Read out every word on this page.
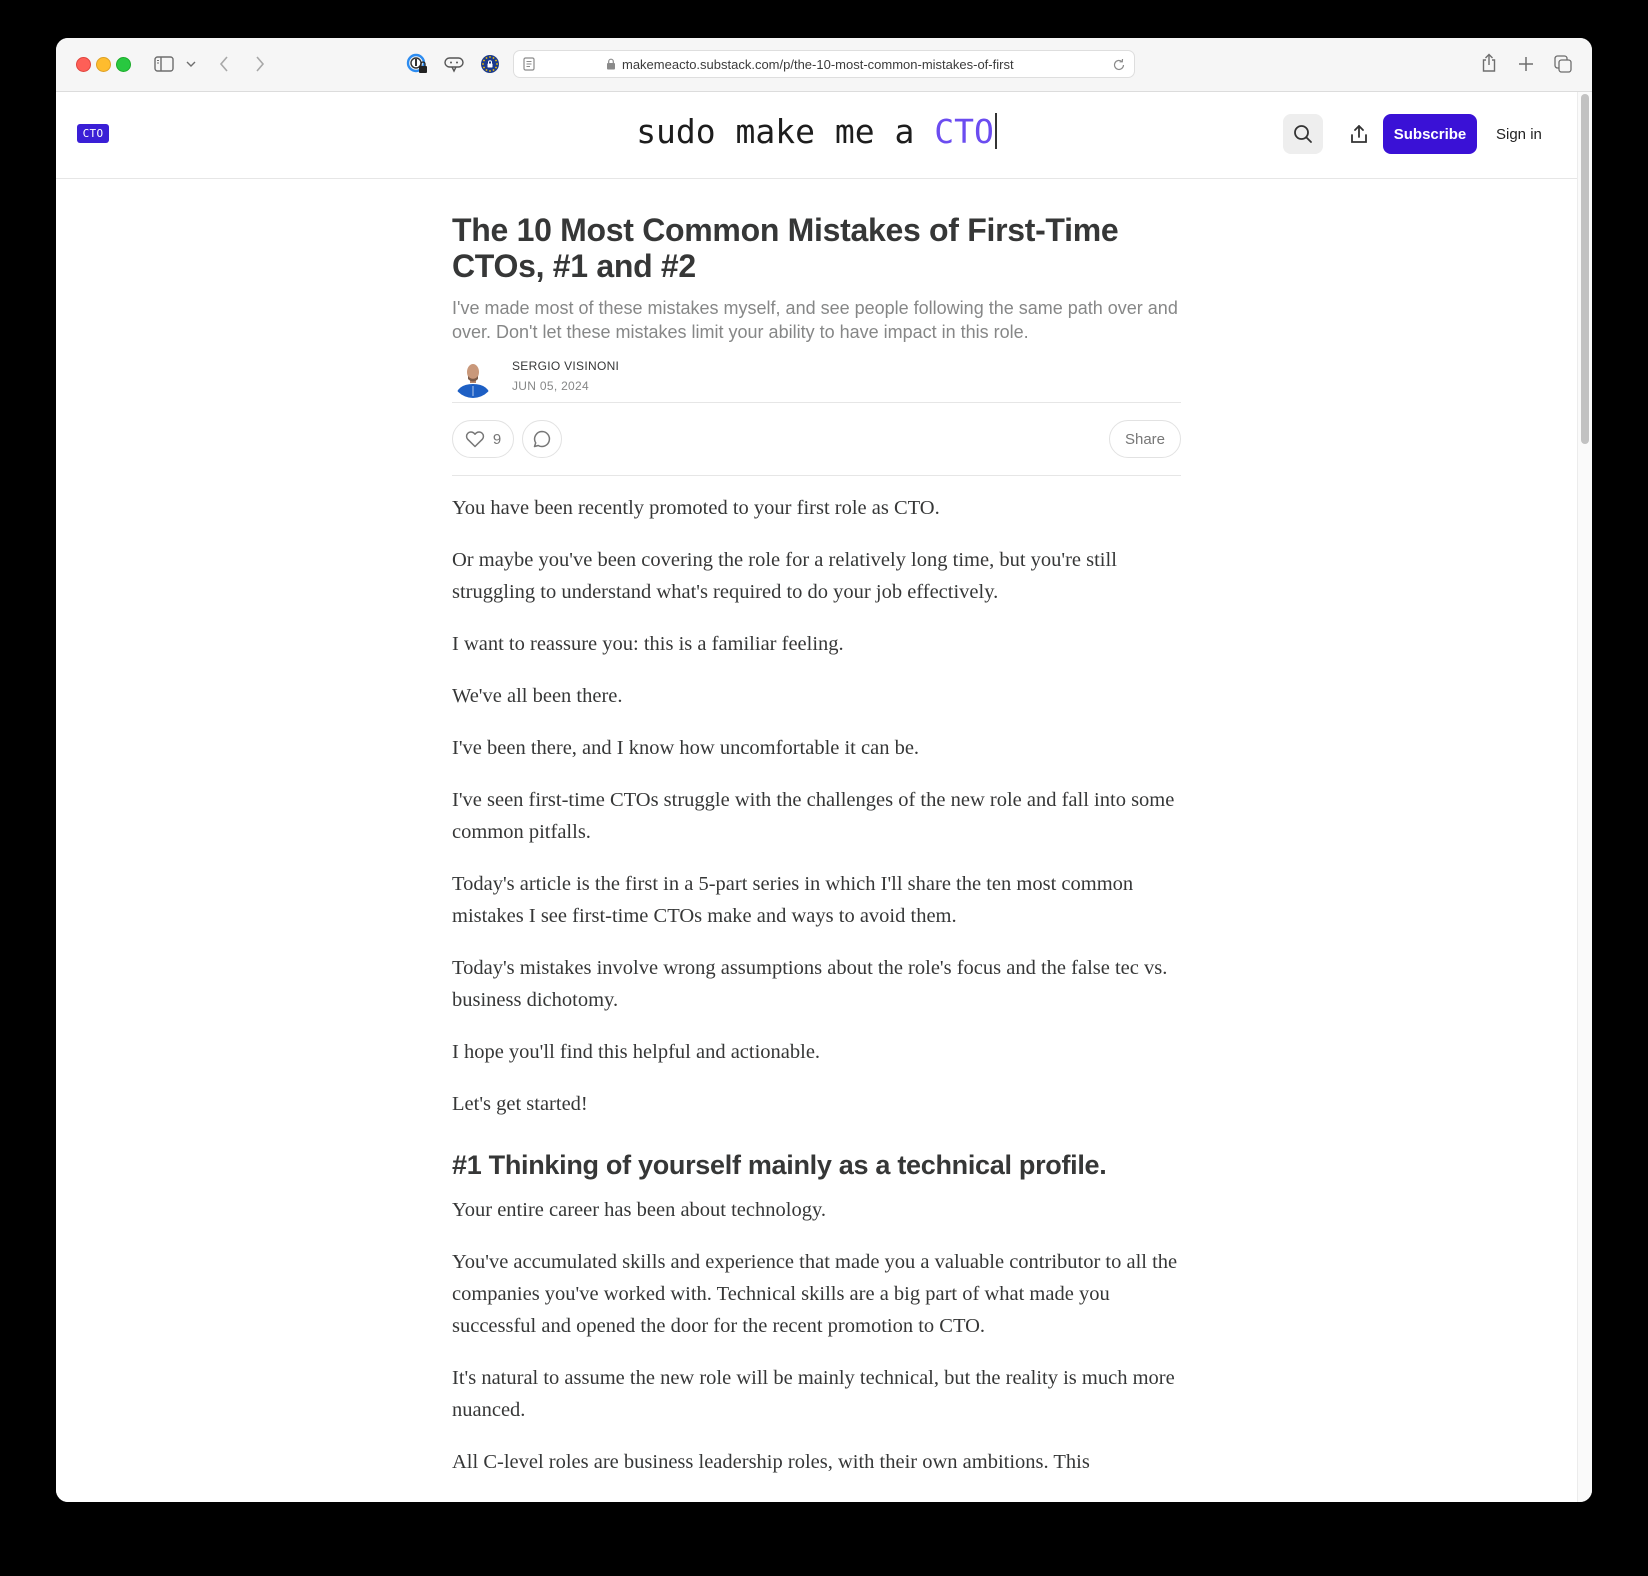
makemeacto.substack.com/p/the-10-most-common-mistakes-of-first
CTO	sudo make me a CTO	Subscribe	Sign in
The 10 Most Common Mistakes of First-Time CTOs, #1 and #2
I've made most of these mistakes myself, and see people following the same path over and over. Don't let these mistakes limit your ability to have impact in this role.
SERGIO VISINONI
JUN 05, 2024
9	Share

You have been recently promoted to your first role as CTO.

Or maybe you've been covering the role for a relatively long time, but you're still struggling to understand what's required to do your job effectively.

I want to reassure you: this is a familiar feeling.

We've all been there.

I've been there, and I know how uncomfortable it can be.

I've seen first-time CTOs struggle with the challenges of the new role and fall into some common pitfalls.

Today's article is the first in a 5-part series in which I'll share the ten most common mistakes I see first-time CTOs make and ways to avoid them.

Today's mistakes involve wrong assumptions about the role's focus and the false tec vs. business dichotomy.

I hope you'll find this helpful and actionable.

Let's get started!

#1 Thinking of yourself mainly as a technical profile.

Your entire career has been about technology.

You've accumulated skills and experience that made you a valuable contributor to all the companies you've worked with. Technical skills are a big part of what made you successful and opened the door for the recent promotion to CTO.

It's natural to assume the new role will be mainly technical, but the reality is much more nuanced.

All C-level roles are business leadership roles, with their own ambitions. This
